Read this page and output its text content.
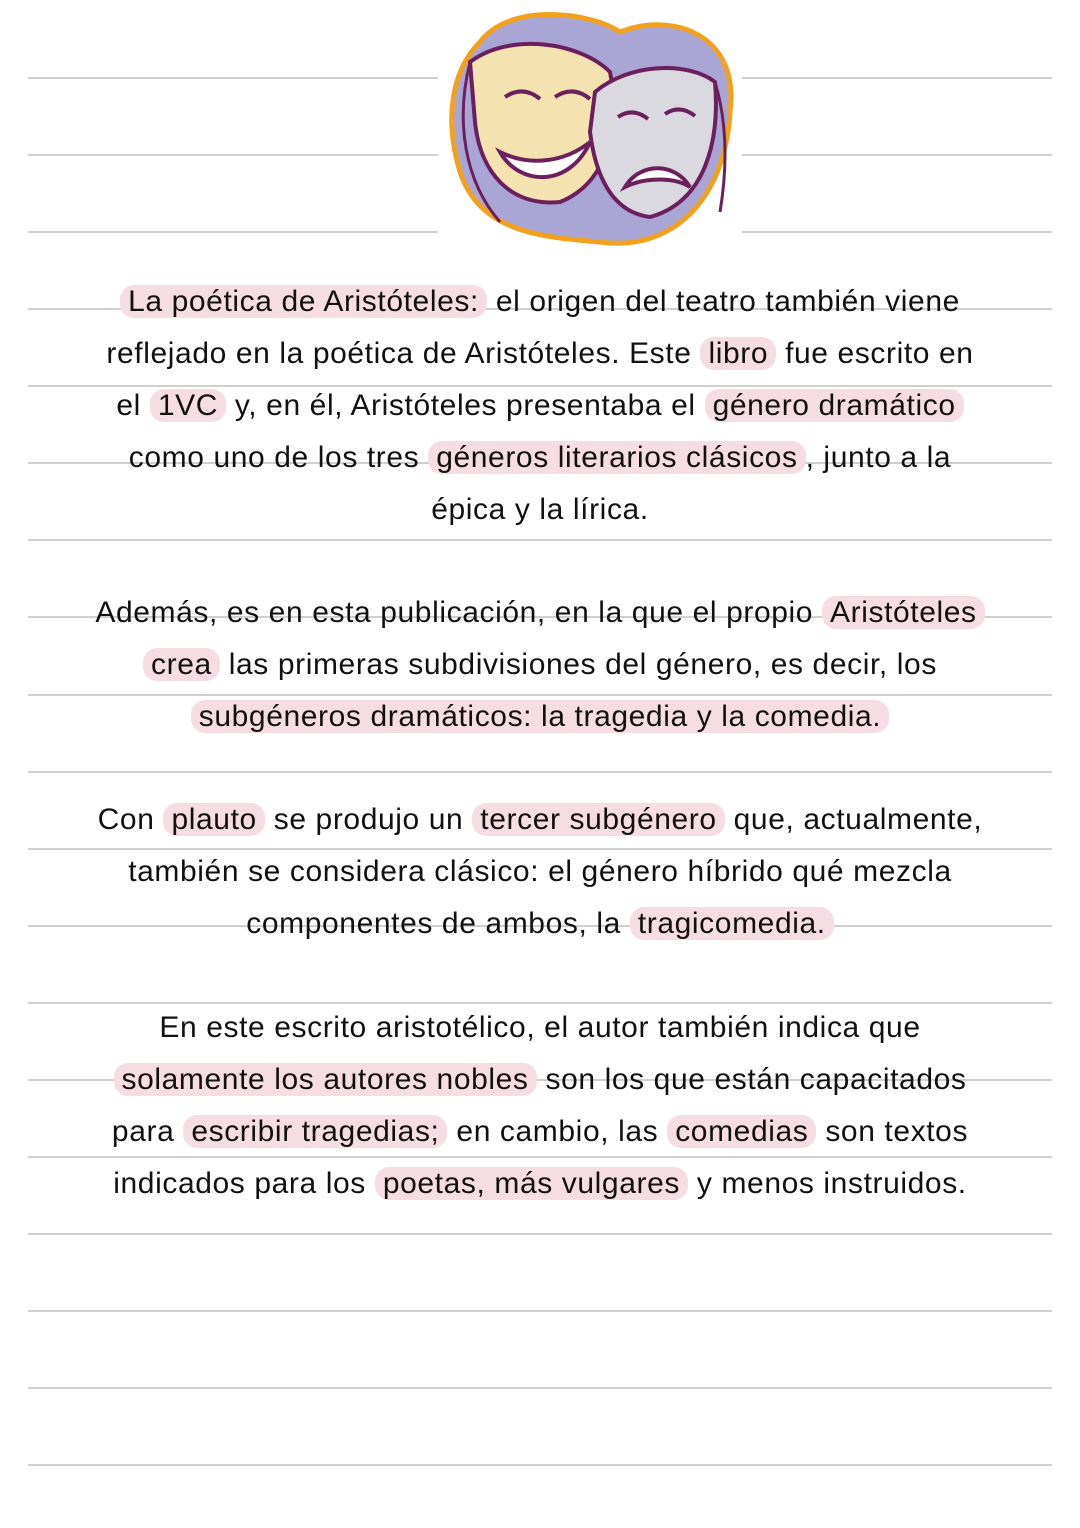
La poética de Aristóteles: el origen del teatro también viene
reflejado en la poética de Aristóteles. Este libro fue escrito en
el 1VC y, en él, Aristóteles presentaba el género dramático
como uno de los tres géneros literarios clásicos , junto a la
épica y la lírica.
Además, es en esta publicación, en la que el propio Aristóteles
crea las primeras subdivisiones del género, es decir, los
subgéneros dramáticos: la tragedia y la comedia.
Con plauto se produjo un tercer subgénero que, actualmente,
también se considera clásico: el género híbrido qué mezcla
componentes de ambos, la tragicomedia.
En este escrito aristotélico, el autor también indica que
solamente los autores nobles son los que están capacitados
para escribir tragedias; en cambio, las comedias son textos
indicados para los poetas, más vulgares y menos instruidos.
